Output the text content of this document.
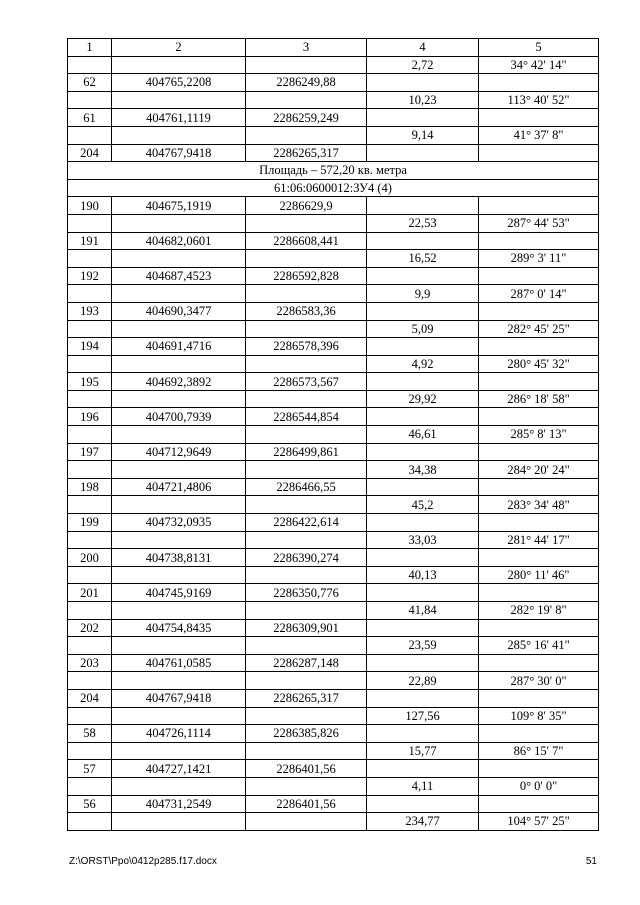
1	2	3	4	5
			2,72	34° 42' 14"
62	404765,2208	2286249,88		
			10,23	113° 40' 52"
61	404761,1119	2286259,249		
			9,14	41° 37' 8"
204	404767,9418	2286265,317		
Площадь – 572,20 кв. метра				
61:06:0600012:ЗУ4 (4)				
190	404675,1919	2286629,9		
			22,53	287° 44' 53"
191	404682,0601	2286608,441		
			16,52	289° 3' 11"
192	404687,4523	2286592,828		
			9,9	287° 0' 14"
193	404690,3477	2286583,36		
			5,09	282° 45' 25"
194	404691,4716	2286578,396		
			4,92	280° 45' 32"
195	404692,3892	2286573,567		
			29,92	286° 18' 58"
196	404700,7939	2286544,854		
			46,61	285° 8' 13"
197	404712,9649	2286499,861		
			34,38	284° 20' 24"
198	404721,4806	2286466,55		
			45,2	283° 34' 48"
199	404732,0935	2286422,614		
			33,03	281° 44' 17"
200	404738,8131	2286390,274		
			40,13	280° 11' 46"
201	404745,9169	2286350,776		
			41,84	282° 19' 8"
202	404754,8435	2286309,901		
			23,59	285° 16' 41"
203	404761,0585	2286287,148		
			22,89	287° 30' 0"
204	404767,9418	2286265,317		
			127,56	109° 8' 35"
58	404726,1114	2286385,826		
			15,77	86° 15' 7"
57	404727,1421	2286401,56		
			4,11	0° 0' 0"
56	404731,2549	2286401,56		
			234,77	104° 57' 25"
Z:\ORST\Ppo\0412p285.f17.docx	51
